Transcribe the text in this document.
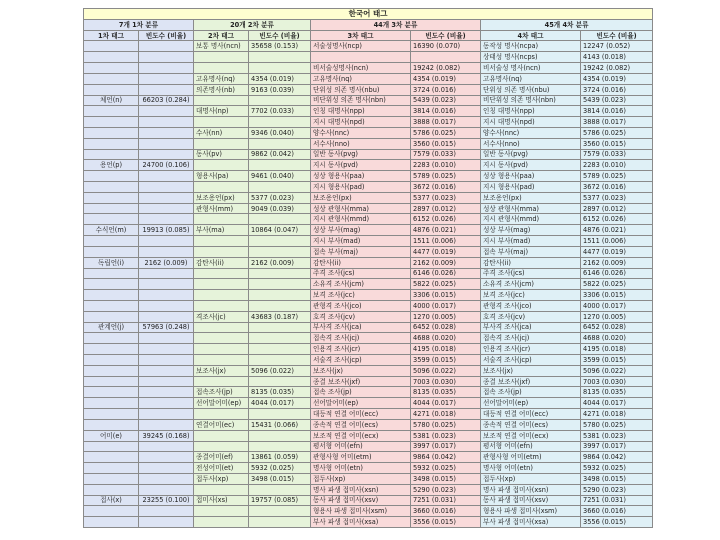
한국어 태그							
7개 1차 분류		20개 2차 분류		44개 3차 분류		45개 4차 분류	
1차 태그	빈도수 (비율)	2차 태그	빈도수 (비율)	3차 태그	빈도수 (비율)	4차 태그	빈도수 (비율)
		보통 명사(ncn)	35658 (0.153)	서술성명사(ncp)	16390 (0.070)	동작성 명사(ncpa)	12247 (0.052)
						상태성 명사(ncps)	4143 (0.018)
				비서술성명사(ncn)	19242 (0.082)	비서술성 명사(ncn)	19242 (0.082)
		고유명사(nq)	4354 (0.019)	고유명사(nq)	4354 (0.019)	고유명사(nq)	4354 (0.019)
		의존명사(nb)	9163 (0.039)	단위성 의존 명사(nbu)	3724 (0.016)	단위성 의존 명사(nbu)	3724 (0.016)
체언(n)	66203 (0.284)			비단위성 의존 명사(nbn)	5439 (0.023)	비단위성 의존 명사(nbn)	5439 (0.023)
		대명사(np)	7702 (0.033)	인칭 대명사(npp)	3814 (0.016)	인칭 대명사(npp)	3814 (0.016)
				지시 대명사(npd)	3888 (0.017)	지시 대명사(npd)	3888 (0.017)
		수사(nn)	9346 (0.040)	양수사(nnc)	5786 (0.025)	양수사(nnc)	5786 (0.025)
				서수사(nno)	3560 (0.015)	서수사(nno)	3560 (0.015)
		동사(pv)	9862 (0.042)	일반 동사(pvg)	7579 (0.033)	일반 동사(pvg)	7579 (0.033)
용언(p)	24700 (0.106)			지시 동사(pvd)	2283 (0.010)	지시 동사(pvd)	2283 (0.010)
		형용사(pa)	9461 (0.040)	성상 형용사(paa)	5789 (0.025)	성상 형용사(paa)	5789 (0.025)
				지시 형용사(pad)	3672 (0.016)	지시 형용사(pad)	3672 (0.016)
		보조용언(px)	5377 (0.023)	보조용언(px)	5377 (0.023)	보조용언(px)	5377 (0.023)
		관형사(mm)	9049 (0.039)	성상 관형사(mma)	2897 (0.012)	성상 관형사(mma)	2897 (0.012)
				지시 관형사(mmd)	6152 (0.026)	지시 관형사(mmd)	6152 (0.026)
수식언(m)	19913 (0.085)	부사(ma)	10864 (0.047)	성상 부사(mag)	4876 (0.021)	성상 부사(mag)	4876 (0.021)
				지시 부사(mad)	1511 (0.006)	지시 부사(mad)	1511 (0.006)
				접속 부사(maj)	4477 (0.019)	접속 부사(maj)	4477 (0.019)
독립언(i)	2162 (0.009)	감탄사(ii)	2162 (0.009)	감탄사(ii)	2162 (0.009)	감탄사(ii)	2162 (0.009)
				주격 조사(jcs)	6146 (0.026)	주격 조사(jcs)	6146 (0.026)
				소유격 조사(jcm)	5822 (0.025)	소유격 조사(jcm)	5822 (0.025)
				보격 조사(jcc)	3306 (0.015)	보격 조사(jcc)	3306 (0.015)
				관형격 조사(jco)	4000 (0.017)	관형격 조사(jco)	4000 (0.017)
		격조사(jc)	43683 (0.187)	호격 조사(jcv)	1270 (0.005)	호격 조사(jcv)	1270 (0.005)
관계언(j)	57963 (0.248)			부사격 조사(jca)	6452 (0.028)	부사격 조사(jca)	6452 (0.028)
				접속격 조사(jcj)	4688 (0.020)	접속격 조사(jcj)	4688 (0.020)
				인용격 조사(jcr)	4195 (0.018)	인용격 조사(jcr)	4195 (0.018)
				서술격 조사(jcp)	3599 (0.015)	서술격 조사(jcp)	3599 (0.015)
		보조사(jx)	5096 (0.022)	보조사(jx)	5096 (0.022)	보조사(jx)	5096 (0.022)
				종결 보조사(jxf)	7003 (0.030)	종결 보조사(jxf)	7003 (0.030)
		접속조사(jp)	8135 (0.035)	접속 조사(jp)	8135 (0.035)	접속 조사(jp)	8135 (0.035)
		선어말어미(ep)	4044 (0.017)	선어말어미(ep)	4044 (0.017)	선어말어미(ep)	4044 (0.017)
				대등적 연결 어미(ecc)	4271 (0.018)	대등적 연결 어미(ecc)	4271 (0.018)
		연결어미(ec)	15431 (0.066)	종속적 연결 어미(ecs)	5780 (0.025)	종속적 연결 어미(ecs)	5780 (0.025)
어미(e)	39245 (0.168)			보조적 연결 어미(ecx)	5381 (0.023)	보조적 연결 어미(ecx)	5381 (0.023)
				평서형 어미(efn)	3997 (0.017)	평서형 어미(efn)	3997 (0.017)
		종결어미(ef)	13861 (0.059)	관형사형 어미(etm)	9864 (0.042)	관형사형 어미(etm)	9864 (0.042)
		전성어미(et)	5932 (0.025)	명사형 어미(etn)	5932 (0.025)	명사형 어미(etn)	5932 (0.025)
		접두사(xp)	3498 (0.015)	접두사(xp)	3498 (0.015)	접두사(xp)	3498 (0.015)
				명사 파생 접미사(xsn)	5290 (0.023)	명사 파생 접미사(xsn)	5290 (0.023)
접사(x)	23255 (0.100)	접미사(xs)	19757 (0.085)	동사 파생 접미사(xsv)	7251 (0.031)	동사 파생 접미사(xsv)	7251 (0.031)
				형용사 파생 접미사(xsm)	3660 (0.016)	형용사 파생 접미사(xsm)	3660 (0.016)
				부사 파생 접미사(xsa)	3556 (0.015)	부사 파생 접미사(xsa)	3556 (0.015)
